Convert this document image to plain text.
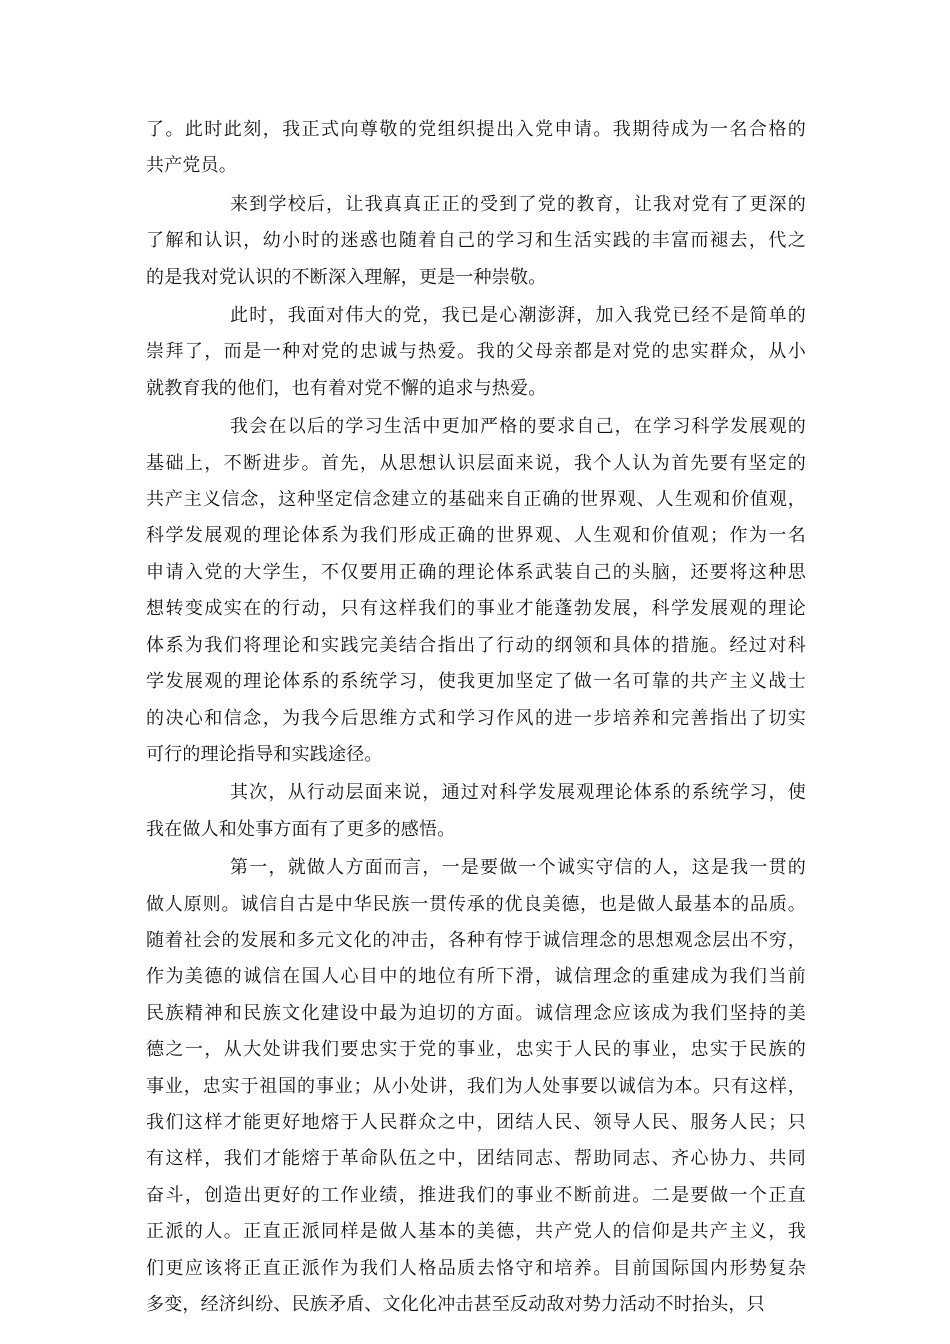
了。此时此刻，我正式向尊敬的党组织提出入党申请。我期待成为一名合格的
共产党员。
来到学校后，让我真真正正的受到了党的教育，让我对党有了更深的
了解和认识，幼小时的迷惑也随着自己的学习和生活实践的丰富而褪去，代之
的是我对党认识的不断深入理解，更是一种崇敬。
此时，我面对伟大的党，我已是心潮澎湃，加入我党已经不是简单的
崇拜了，而是一种对党的忠诚与热爱。我的父母亲都是对党的忠实群众，从小
就教育我的他们，也有着对党不懈的追求与热爱。
我会在以后的学习生活中更加严格的要求自己，在学习科学发展观的
基础上，不断进步。首先，从思想认识层面来说，我个人认为首先要有坚定的
共产主义信念，这种坚定信念建立的基础来自正确的世界观、人生观和价值观，
科学发展观的理论体系为我们形成正确的世界观、人生观和价值观；作为一名
申请入党的大学生，不仅要用正确的理论体系武装自己的头脑，还要将这种思
想转变成实在的行动，只有这样我们的事业才能蓬勃发展，科学发展观的理论
体系为我们将理论和实践完美结合指出了行动的纲领和具体的措施。经过对科
学发展观的理论体系的系统学习，使我更加坚定了做一名可靠的共产主义战士
的决心和信念，为我今后思维方式和学习作风的进一步培养和完善指出了切实
可行的理论指导和实践途径。
其次，从行动层面来说，通过对科学发展观理论体系的系统学习，使
我在做人和处事方面有了更多的感悟。
第一，就做人方面而言，一是要做一个诚实守信的人，这是我一贯的
做人原则。诚信自古是中华民族一贯传承的优良美德，也是做人最基本的品质。
随着社会的发展和多元文化的冲击，各种有悖于诚信理念的思想观念层出不穷，
作为美德的诚信在国人心目中的地位有所下滑，诚信理念的重建成为我们当前
民族精神和民族文化建设中最为迫切的方面。诚信理念应该成为我们坚持的美
德之一，从大处讲我们要忠实于党的事业，忠实于人民的事业，忠实于民族的
事业，忠实于祖国的事业；从小处讲，我们为人处事要以诚信为本。只有这样，
我们这样才能更好地熔于人民群众之中，团结人民、领导人民、服务人民；只
有这样，我们才能熔于革命队伍之中，团结同志、帮助同志、齐心协力、共同
奋斗，创造出更好的工作业绩，推进我们的事业不断前进。二是要做一个正直
正派的人。正直正派同样是做人基本的美德，共产党人的信仰是共产主义，我
们更应该将正直正派作为我们人格品质去恪守和培养。目前国际国内形势复杂
多变，经济纠纷、民族矛盾、文化化冲击甚至反动敌对势力活动不时抬头，只
